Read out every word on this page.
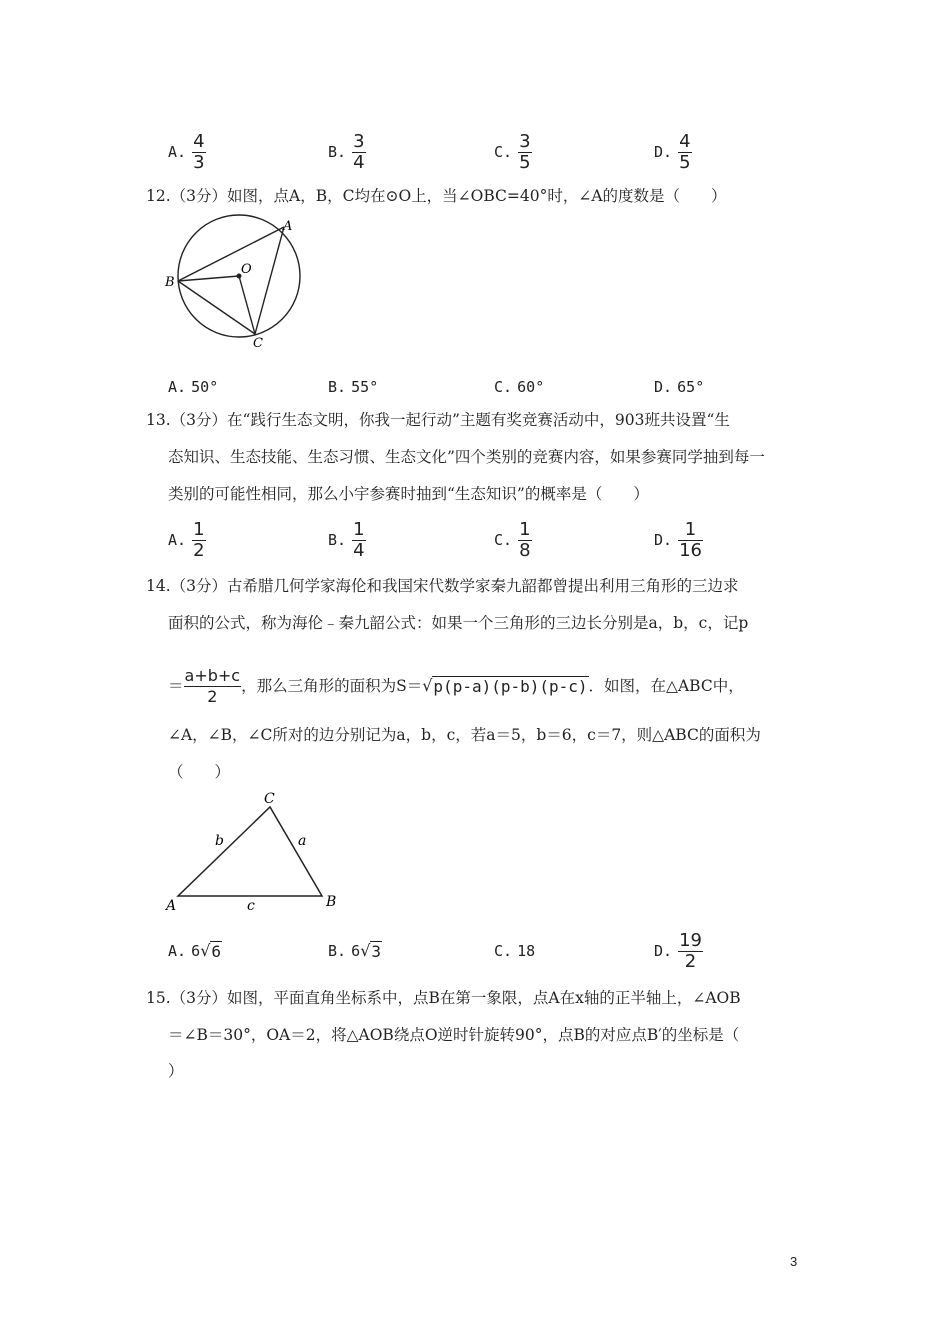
A. $\frac{4}{3}$	B. $\frac{3}{4}$	C. $\frac{3}{5}$	D. $\frac{4}{5}$
12.（3分）如图，点A，B，C均在⊙O上，当∠OBC=40°时，∠A的度数是（　　）
A
B
C
O
A.
50°	B.
55°	C.
60°	D.
65°
13.（3分）在“践行生态文明，你我一起行动”主题有奖竞赛活动中，903班共设置“生
态知识、生态技能、生态习惯、生态文化”四个类别的竞赛内容，如果参赛同学抽到每一
类别的可能性相同，那么小宇参赛时抽到“生态知识”的概率是（　　）
A. $\frac{1}{2}$	B. $\frac{1}{4}$	C. $\frac{1}{8}$	D. $\frac{1}{16}$
14.（3分）古希腊几何学家海伦和我国宋代数学家秦九韶都曾提出利用三角形的三边求
面积的公式，称为海伦﹣秦九韶公式：如果一个三角形的三边长分别是a，b，c，记p
＝ $\frac{a+b+c}{2}$ ，那么三角形的面积为S＝ √ p(p-a)(p-b)(p-c) ．如图，在△ABC中，
∠A，∠B，∠C所对的边分别记为a，b，c，若a＝5，b＝6，c＝7，则△ABC的面积为
（　　）
A	B
C
b	a
c
A.
6 √ 6	B.
6 √ 3	C.
18	D. $\frac{19}{2}$
15.（3分）如图，平面直角坐标系中，点B在第一象限，点A在x轴的正半轴上，∠AOB
＝∠B＝30°，OA＝2，将△AOB绕点O逆时针旋转90°，点B的对应点B′的坐标是（
）
3
